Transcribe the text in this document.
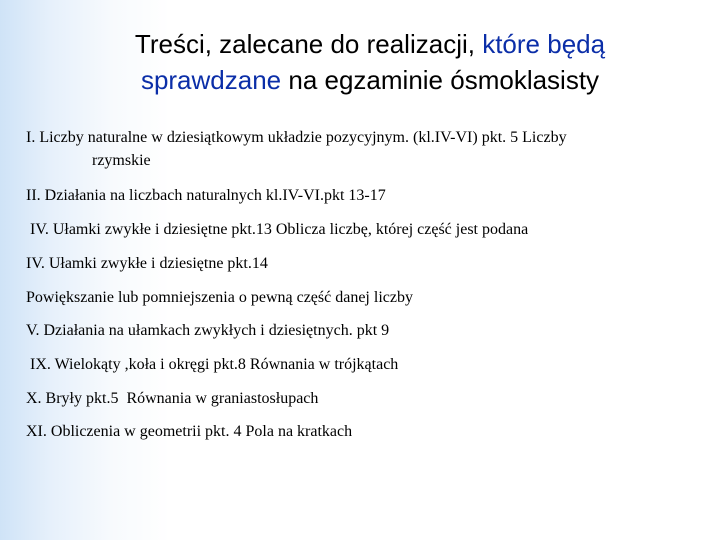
Treści, zalecane do realizacji, które będą
sprawdzane na egzaminie ósmoklasisty
I. Liczby naturalne w dziesiątkowym układzie pozycyjnym. (kl.IV-VI) pkt. 5 Liczby
rzymskie
II. Działania na liczbach naturalnych kl.IV-VI.pkt 13-17
IV. Ułamki zwykłe i dziesiętne pkt.13 Oblicza liczbę, której część jest podana
IV. Ułamki zwykłe i dziesiętne pkt.14
Powiększanie lub pomniejszenia o pewną część danej liczby
V. Działania na ułamkach zwykłych i dziesiętnych. pkt 9
IX. Wielokąty ,koła i okręgi pkt.8 Równania w trójkątach
X. Bryły pkt.5  Równania w graniastosłupach
XI. Obliczenia w geometrii pkt. 4 Pola na kratkach
